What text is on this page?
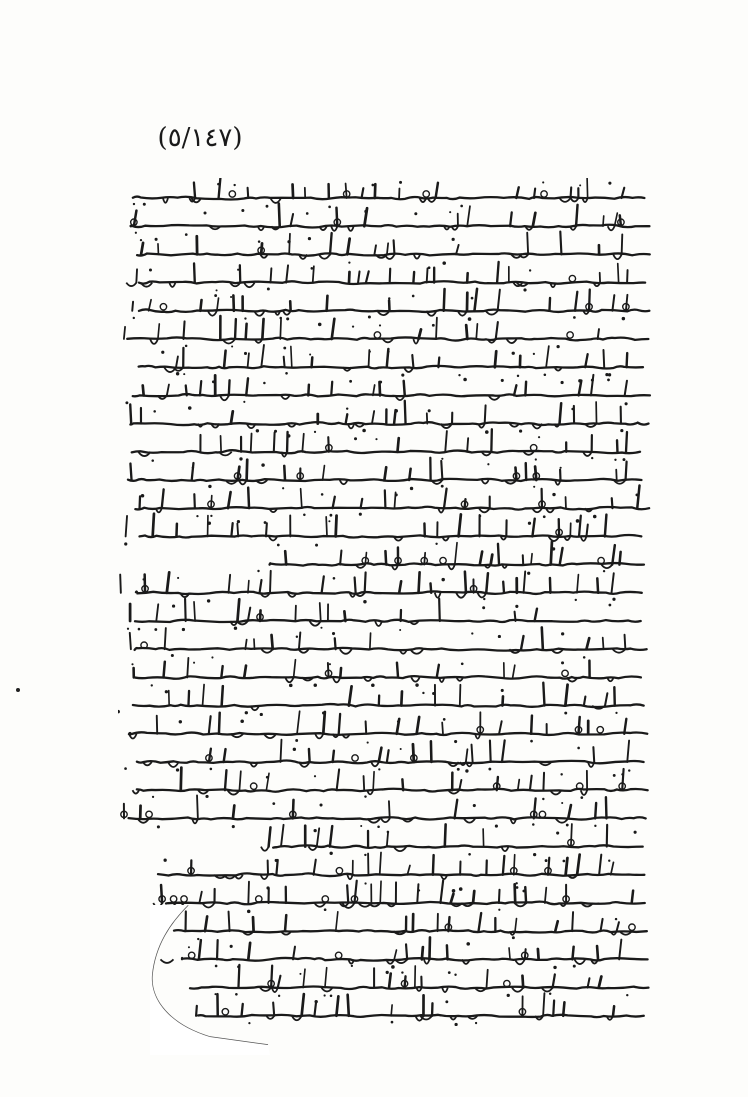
(٥/١٤٧)
